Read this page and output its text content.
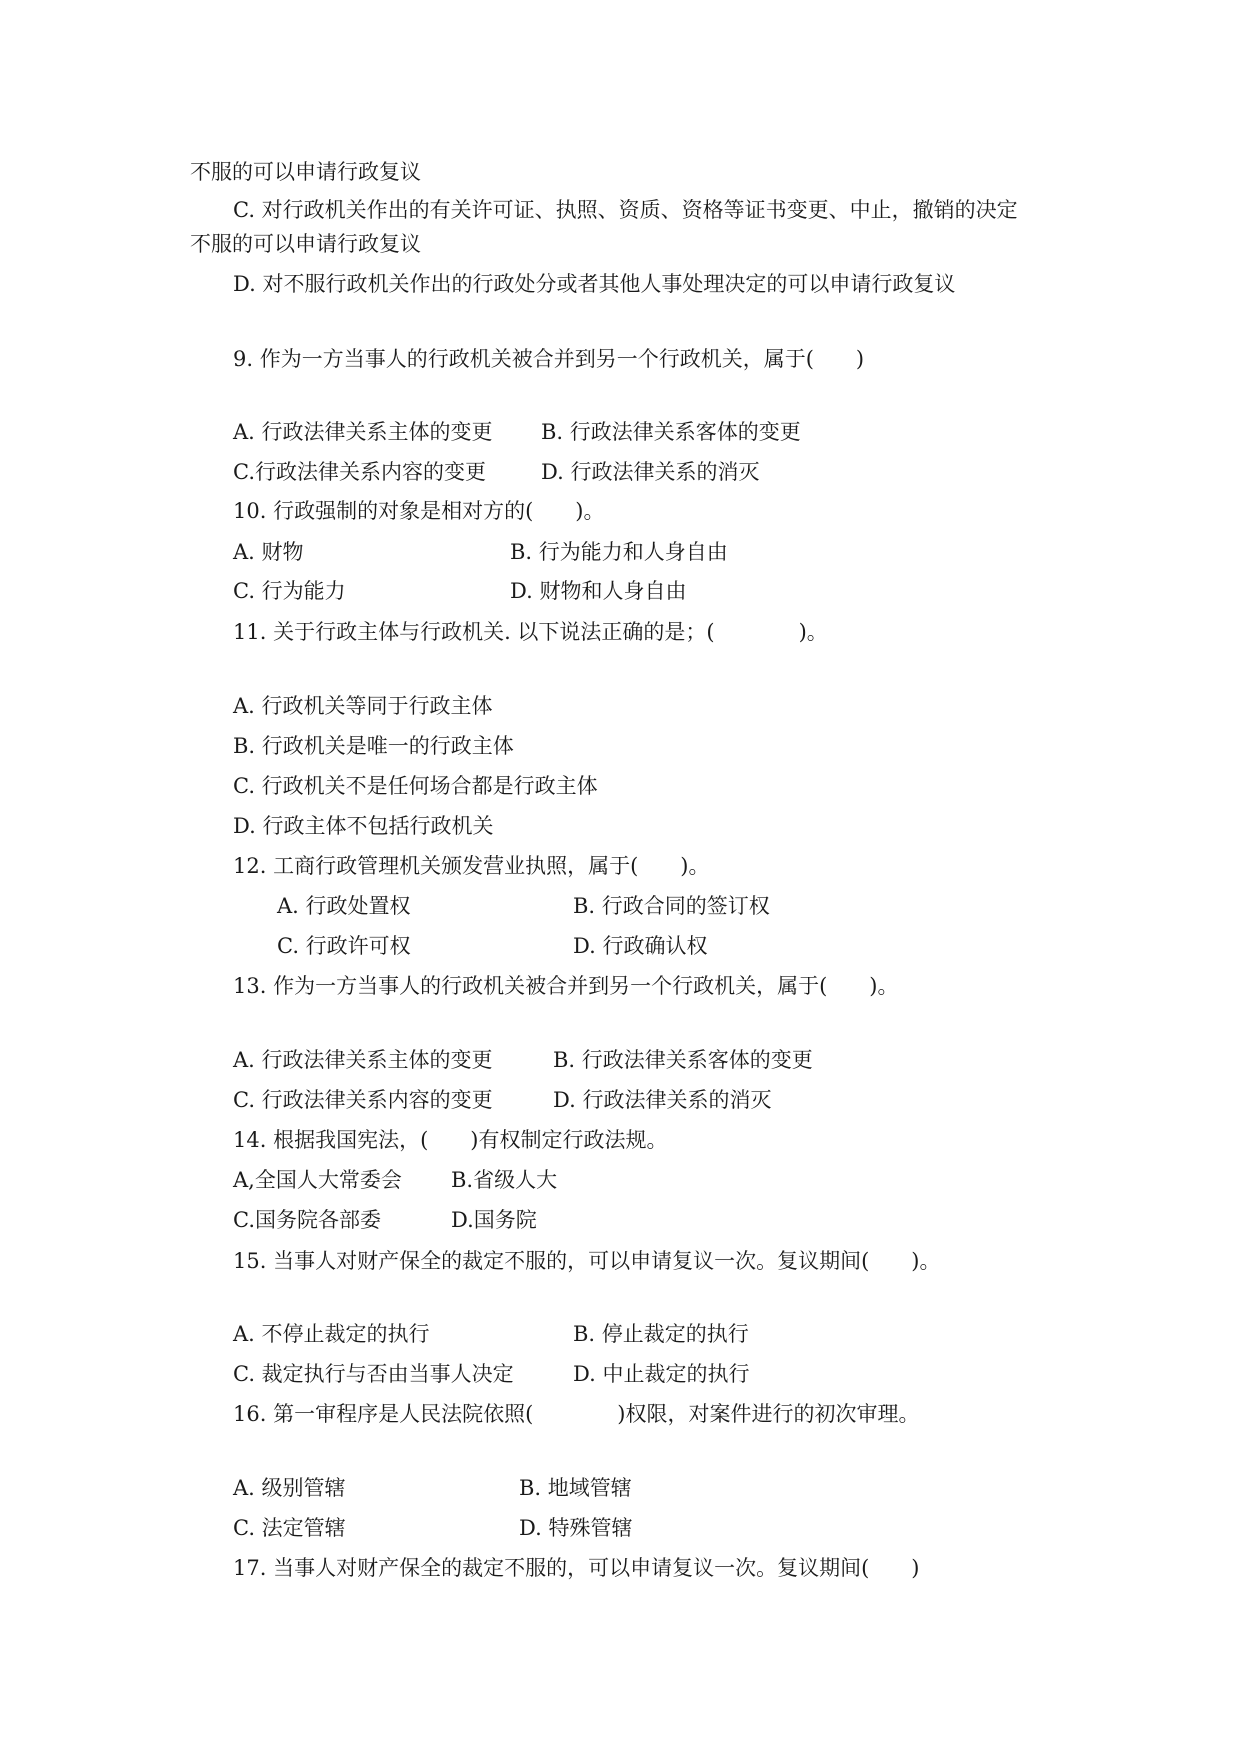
不服的可以申请行政复议
C. 对行政机关作出的有关许可证、执照、资质、资格等证书变更、中止，撤销的决定
不服的可以申请行政复议
D. 对不服行政机关作出的行政处分或者其他人事处理决定的可以申请行政复议
9. 作为一方当事人的行政机关被合并到另一个行政机关，属于(　　)
A. 行政法律关系主体的变更 B. 行政法律关系客体的变更
C.行政法律关系内容的变更	D. 行政法律关系的消灭
10. 行政强制的对象是相对方的(　　)。
A. 财物	B. 行为能力和人身自由
C. 行为能力	D. 财物和人身自由
11. 关于行政主体与行政机关. 以下说法正确的是；(　　　　)。
A. 行政机关等同于行政主体
B. 行政机关是唯一的行政主体
C. 行政机关不是任何场合都是行政主体
D. 行政主体不包括行政机关
12. 工商行政管理机关颁发营业执照，属于(　　)。
A. 行政处置权	B. 行政合同的签订权
C. 行政许可权	D. 行政确认权
13. 作为一方当事人的行政机关被合并到另一个行政机关，属于(　　)。
A. 行政法律关系主体的变更	B. 行政法律关系客体的变更
C. 行政法律关系内容的变更	D. 行政法律关系的消灭
14. 根据我国宪法，(　　)有权制定行政法规。
A,全国人大常委会 B.省级人大
C.国务院各部委	D.国务院
15. 当事人对财产保全的裁定不服的，可以申请复议一次。复议期间(　　)。
A. 不停止裁定的执行	B. 停止裁定的执行
C. 裁定执行与否由当事人决定	D. 中止裁定的执行
16. 第一审程序是人民法院依照(　　　　)权限，对案件进行的初次审理。
A. 级别管辖	B. 地域管辖
C. 法定管辖	D. 特殊管辖
17. 当事人对财产保全的裁定不服的，可以申请复议一次。复议期间(　　)
